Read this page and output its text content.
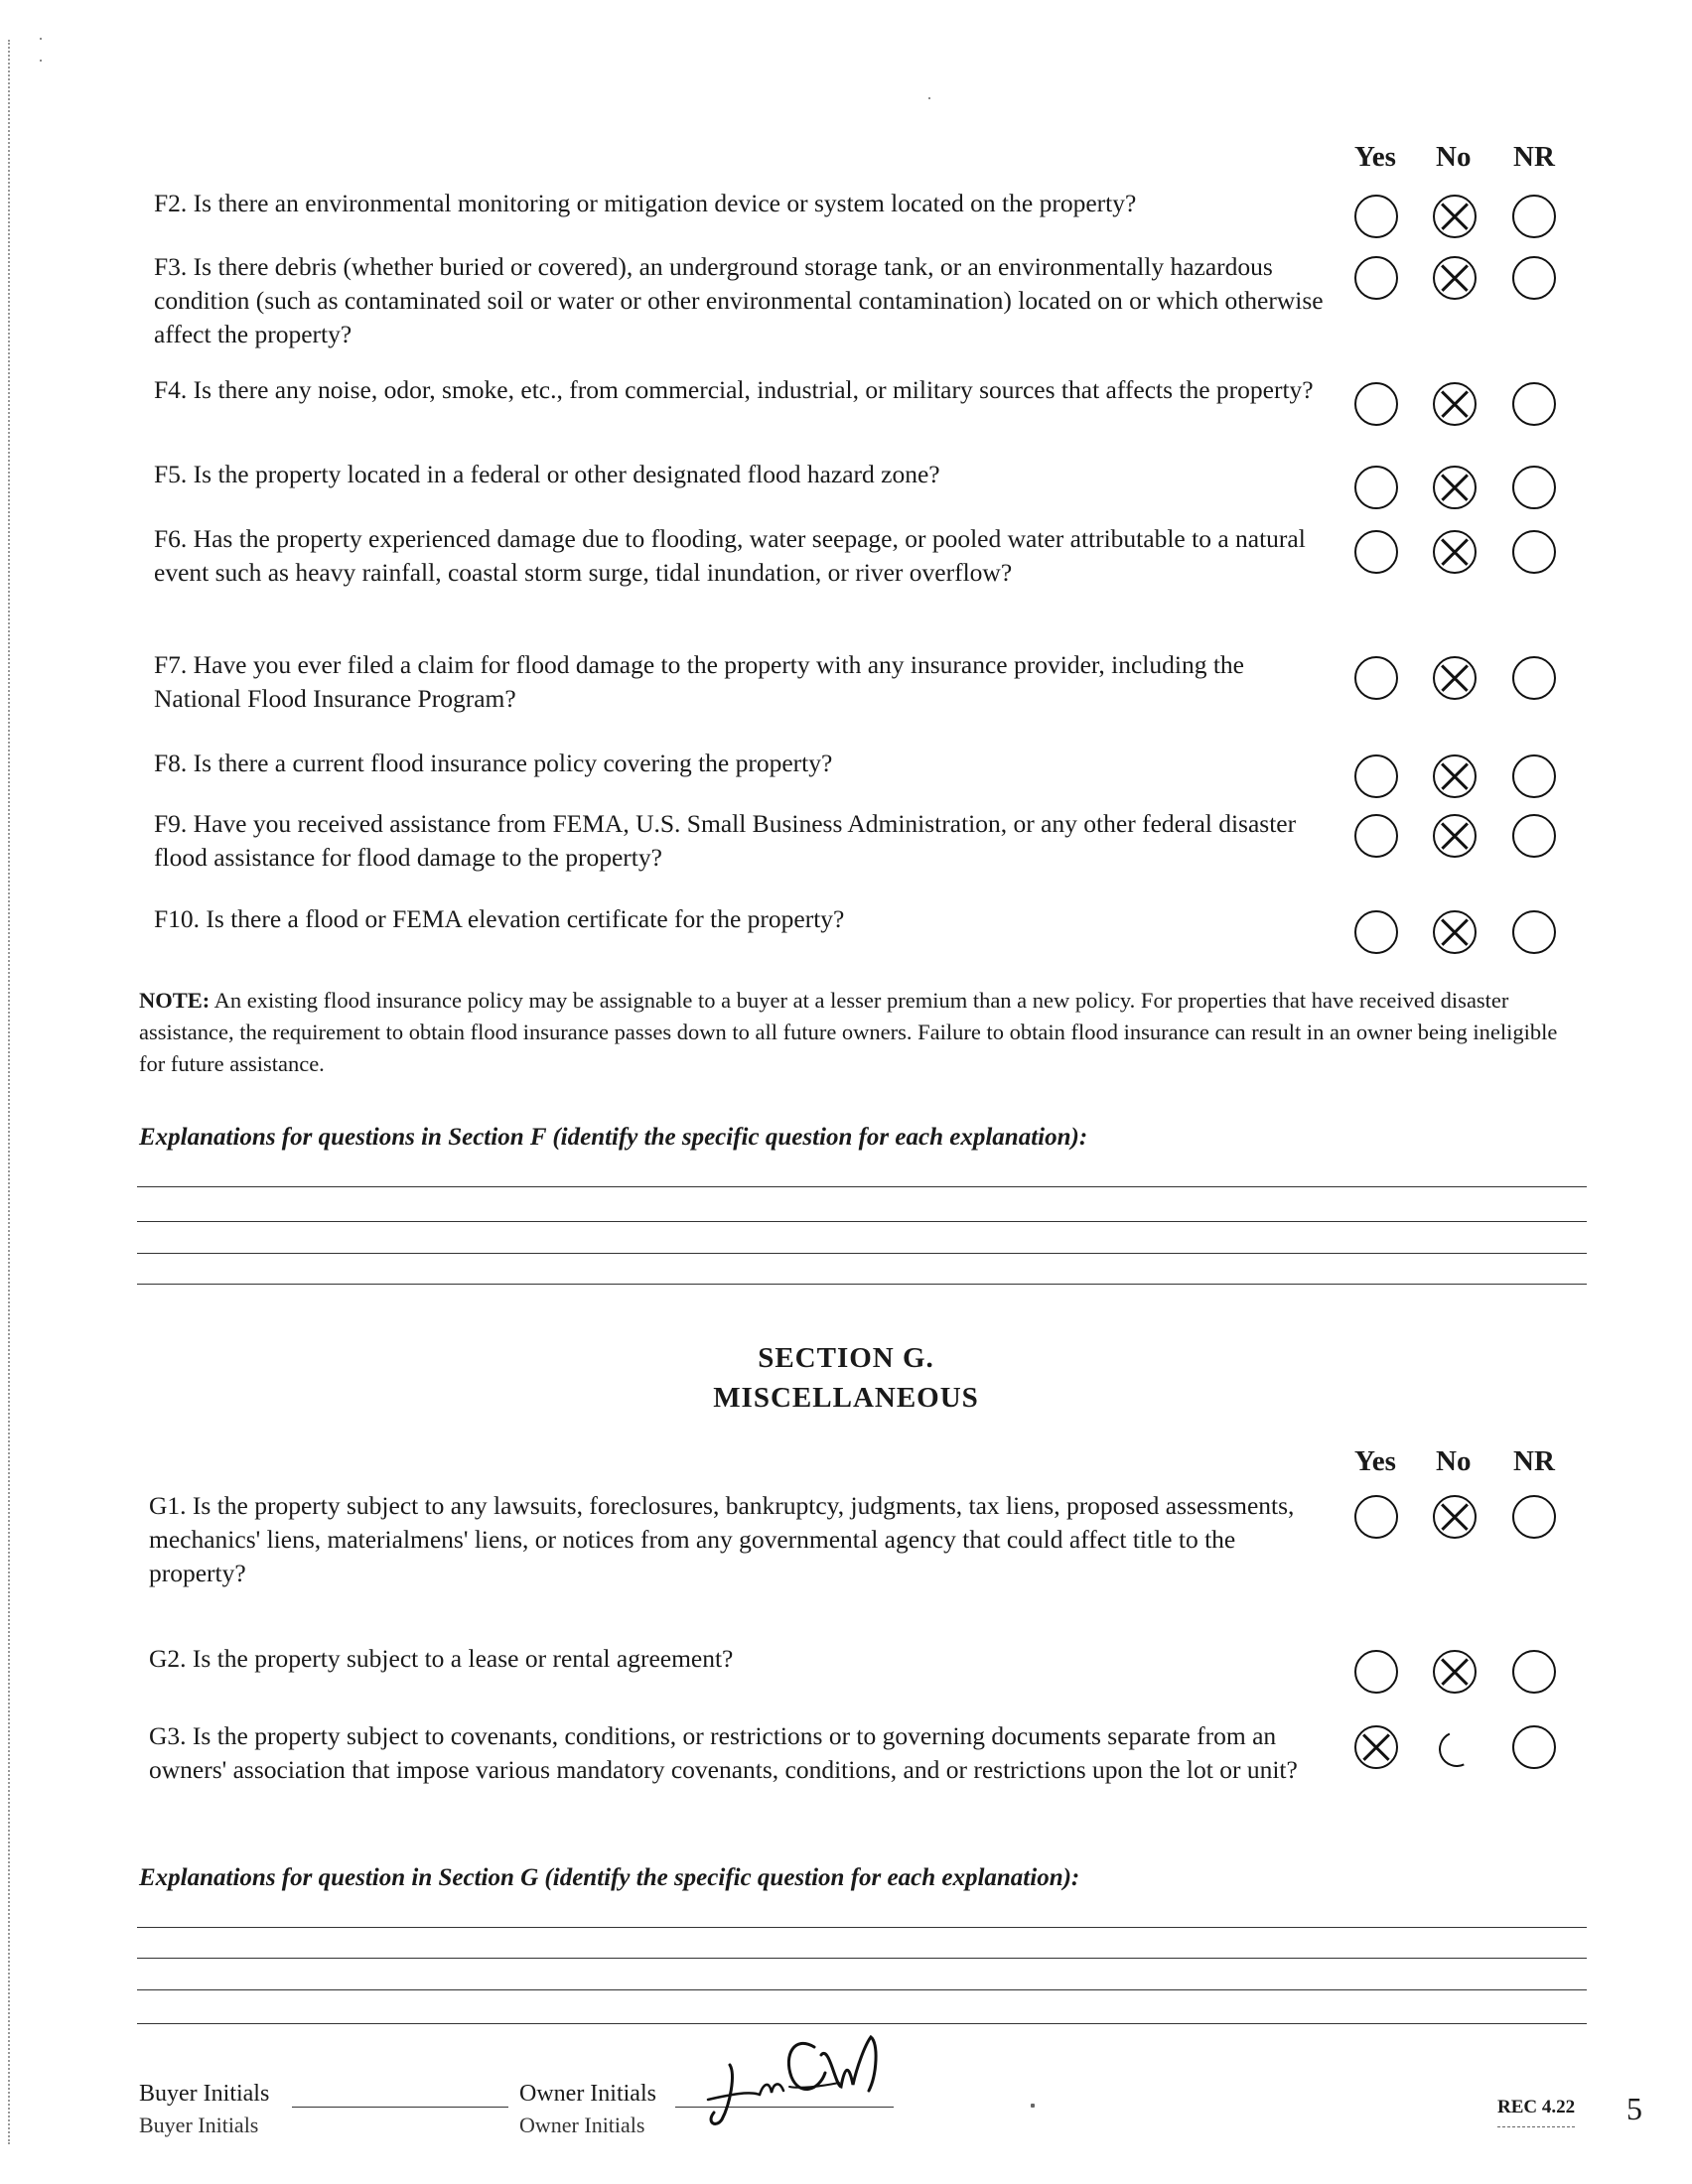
Yes No NR
F2. Is there an environmental monitoring or mitigation device or system located on the property?
F3. Is there debris (whether buried or covered), an underground storage tank, or an environmentally hazardous condition (such as contaminated soil or water or other environmental contamination) located on or which otherwise affect the property?
F4. Is there any noise, odor, smoke, etc., from commercial, industrial, or military sources that affects the property?
F5. Is the property located in a federal or other designated flood hazard zone?
F6. Has the property experienced damage due to flooding, water seepage, or pooled water attributable to a natural event such as heavy rainfall, coastal storm surge, tidal inundation, or river overflow?
F7. Have you ever filed a claim for flood damage to the property with any insurance provider, including the National Flood Insurance Program?
F8. Is there a current flood insurance policy covering the property?
F9. Have you received assistance from FEMA, U.S. Small Business Administration, or any other federal disaster flood assistance for flood damage to the property?
F10. Is there a flood or FEMA elevation certificate for the property?
NOTE: An existing flood insurance policy may be assignable to a buyer at a lesser premium than a new policy. For properties that have received disaster assistance, the requirement to obtain flood insurance passes down to all future owners. Failure to obtain flood insurance can result in an owner being ineligible for future assistance.
Explanations for questions in Section F (identify the specific question for each explanation):
SECTION G.
MISCELLANEOUS
Yes No NR
G1. Is the property subject to any lawsuits, foreclosures, bankruptcy, judgments, tax liens, proposed assessments, mechanics' liens, materialmens' liens, or notices from any governmental agency that could affect title to the property?
G2. Is the property subject to a lease or rental agreement?
G3. Is the property subject to covenants, conditions, or restrictions or to governing documents separate from an owners' association that impose various mandatory covenants, conditions, and or restrictions upon the lot or unit?
Explanations for question in Section G (identify the specific question for each explanation):
Buyer Initials
Buyer Initials
Owner Initials
Owner Initials
REC 4.22 5
